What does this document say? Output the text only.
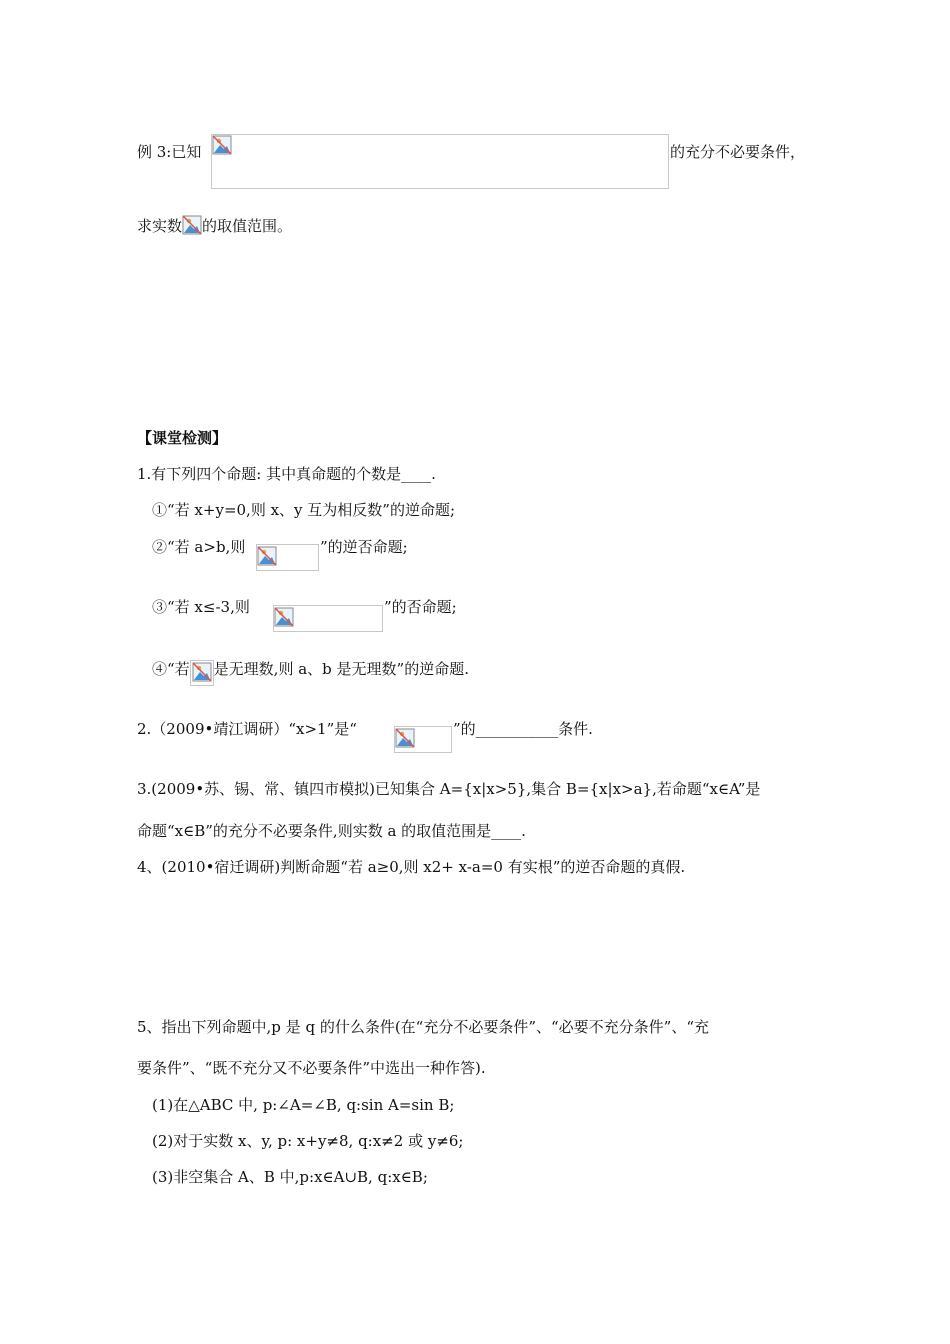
例 3:已知	的充分不必要条件，
求实数 的取值范围。
【课堂检测】
1.有下列四个命题: 其中真命题的个数是____.
①“若 x+y=0,则 x、y 互为相反数”的逆命题;
②“若 a>b,则	”的逆否命题;
③“若 x≤-3,则	”的否命题;
④“若 是无理数,则 a、b 是无理数”的逆命题.
2.（2009•靖江调研）“x>1”是“	”的___________条件.
3.(2009•苏、锡、常、镇四市模拟)已知集合 A={x|x>5},集合 B={x|x>a},若命题“x∈A”是
命题“x∈B”的充分不必要条件,则实数 a 的取值范围是____.
4、(2010•宿迁调研)判断命题“若 a≥0,则 x2+ x-a=0 有实根”的逆否命题的真假.
5、指出下列命题中,p 是 q 的什么条件(在“充分不必要条件”、“必要不充分条件”、“充
要条件”、“既不充分又不必要条件”中选出一种作答).
(1)在△ABC 中, p:∠A=∠B, q:sin A=sin B;
(2)对于实数 x、y, p: x+y≠8, q:x≠2 或 y≠6;
(3)非空集合 A、B 中,p:x∈A∪B, q:x∈B;
